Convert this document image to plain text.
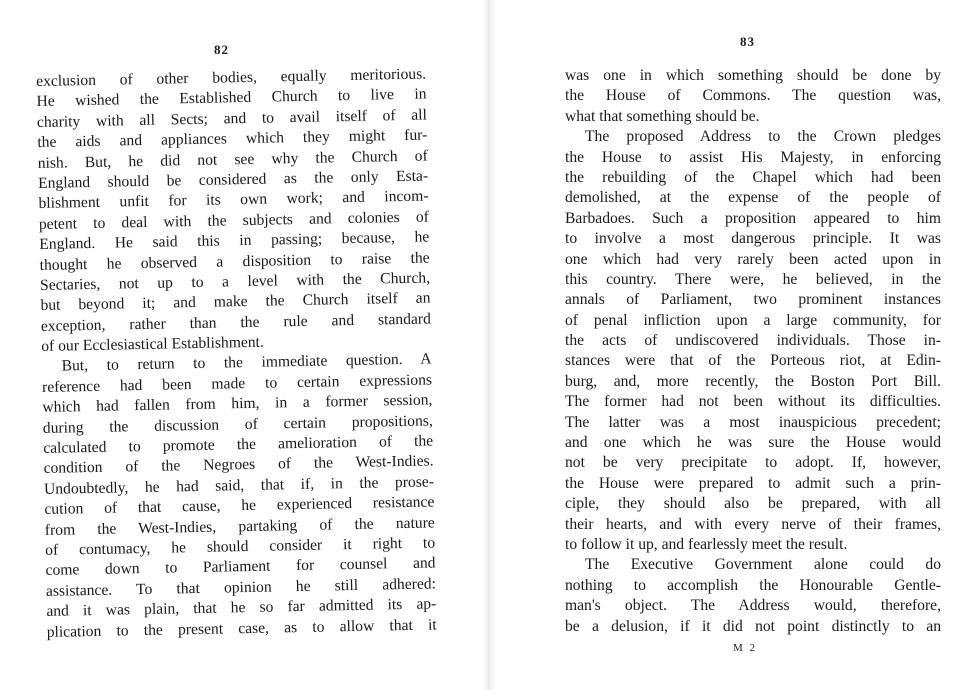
82
exclusion of other bodies, equally meritorious.
He wished the Established Church to live in
charity with all Sects; and to avail itself of all
the aids and appliances which they might fur-
nish. But, he did not see why the Church of
England should be considered as the only Esta-
blishment unfit for its own work; and incom-
petent to deal with the subjects and colonies of
England. He said this in passing; because, he
thought he observed a disposition to raise the
Sectaries, not up to a level with the Church,
but beyond it; and make the Church itself an
exception, rather than the rule and standard
of our Ecclesiastical Establishment.
But, to return to the immediate question. A
reference had been made to certain expressions
which had fallen from him, in a former session,
during the discussion of certain propositions,
calculated to promote the amelioration of the
condition of the Negroes of the West-Indies.
Undoubtedly, he had said, that if, in the prose-
cution of that cause, he experienced resistance
from the West-Indies, partaking of the nature
of contumacy, he should consider it right to
come down to Parliament for counsel and
assistance. To that opinion he still adhered:
and it was plain, that he so far admitted its ap-
plication to the present case, as to allow that it
83
was one in which something should be done by
the House of Commons. The question was,
what that something should be.
The proposed Address to the Crown pledges
the House to assist His Majesty, in enforcing
the rebuilding of the Chapel which had been
demolished, at the expense of the people of
Barbadoes. Such a proposition appeared to him
to involve a most dangerous principle. It was
one which had very rarely been acted upon in
this country. There were, he believed, in the
annals of Parliament, two prominent instances
of penal infliction upon a large community, for
the acts of undiscovered individuals. Those in-
stances were that of the Porteous riot, at Edin-
burg, and, more recently, the Boston Port Bill.
The former had not been without its difficulties.
The latter was a most inauspicious precedent;
and one which he was sure the House would
not be very precipitate to adopt. If, however,
the House were prepared to admit such a prin-
ciple, they should also be prepared, with all
their hearts, and with every nerve of their frames,
to follow it up, and fearlessly meet the result.
The Executive Government alone could do
nothing to accomplish the Honourable Gentle-
man's object. The Address would, therefore,
be a delusion, if it did not point distinctly to an
M 2
